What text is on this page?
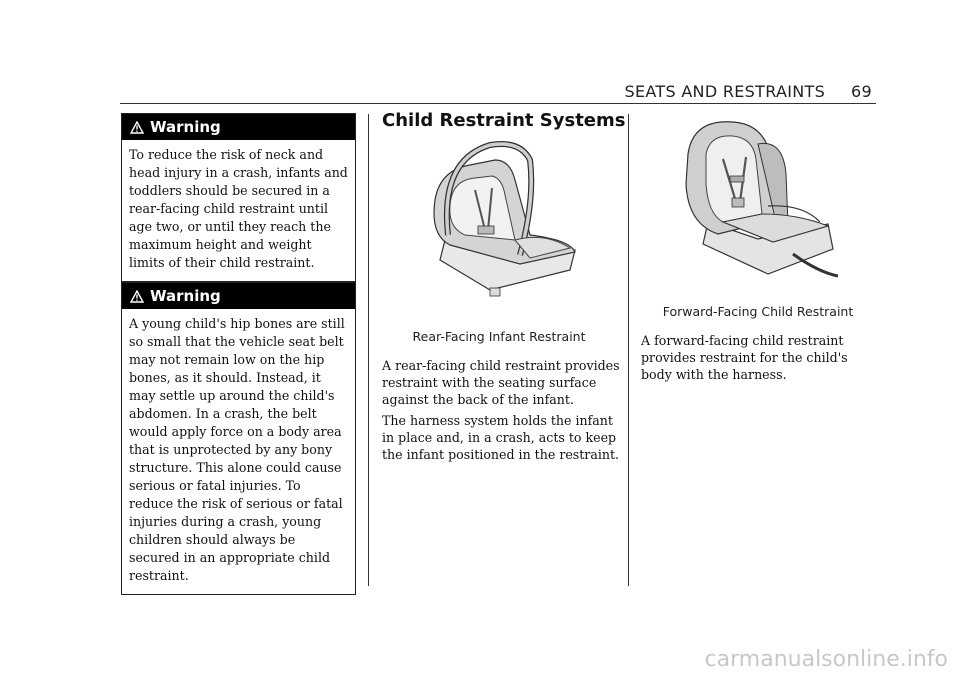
SEATS AND RESTRAINTS 69
Warning
To reduce the risk of neck and head injury in a crash, infants and toddlers should be secured in a rear-facing child restraint until age two, or until they reach the maximum height and weight limits of their child restraint.
Warning
A young child's hip bones are still so small that the vehicle seat belt may not remain low on the hip bones, as it should. Instead, it may settle up around the child's abdomen. In a crash, the belt would apply force on a body area that is unprotected by any bony structure. This alone could cause serious or fatal injuries. To reduce the risk of serious or fatal injuries during a crash, young children should always be secured in an appropriate child restraint.
Child Restraint Systems
Rear-Facing Infant Restraint
A rear-facing child restraint provides restraint with the seating surface against the back of the infant.
The harness system holds the infant in place and, in a crash, acts to keep the infant positioned in the restraint.
Forward-Facing Child Restraint
A forward-facing child restraint provides restraint for the child's body with the harness.
carmanualsonline.info
